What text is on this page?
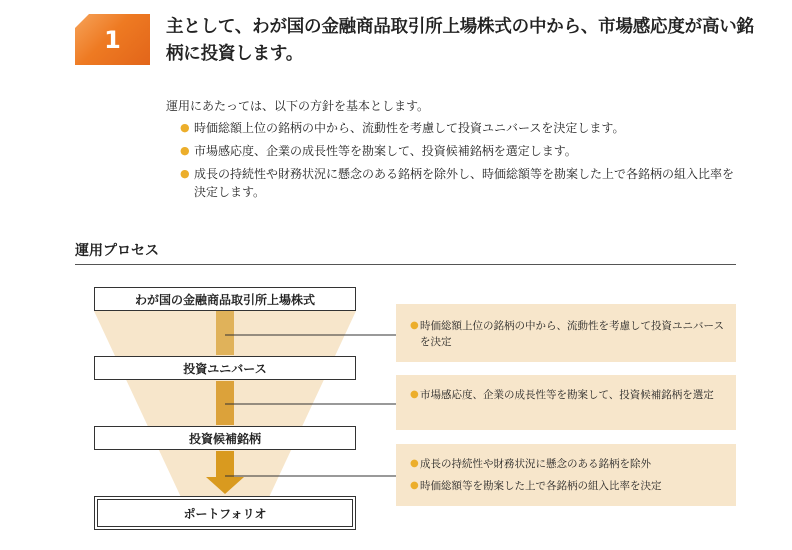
1	主として、わが国の金融商品取引所上場株式の中から、市場感応度が高い銘柄に投資します。
運用にあたっては、以下の方針を基本とします。
● 時価総額上位の銘柄の中から、流動性を考慮して投資ユニバースを決定します。
● 市場感応度、企業の成長性等を勘案して、投資候補銘柄を選定します。
● 成長の持続性や財務状況に懸念のある銘柄を除外し、時価総額等を勘案した上で各銘柄の組入比率を決定します。
運用プロセス
わが国の金融商品取引所上場株式
投資ユニバース
投資候補銘柄
ポートフォリオ
● 時価総額上位の銘柄の中から、流動性を考慮して投資ユニバースを決定
● 市場感応度、企業の成長性等を勘案して、投資候補銘柄を選定
● 成長の持続性や財務状況に懸念のある銘柄を除外
● 時価総額等を勘案した上で各銘柄の組入比率を決定
